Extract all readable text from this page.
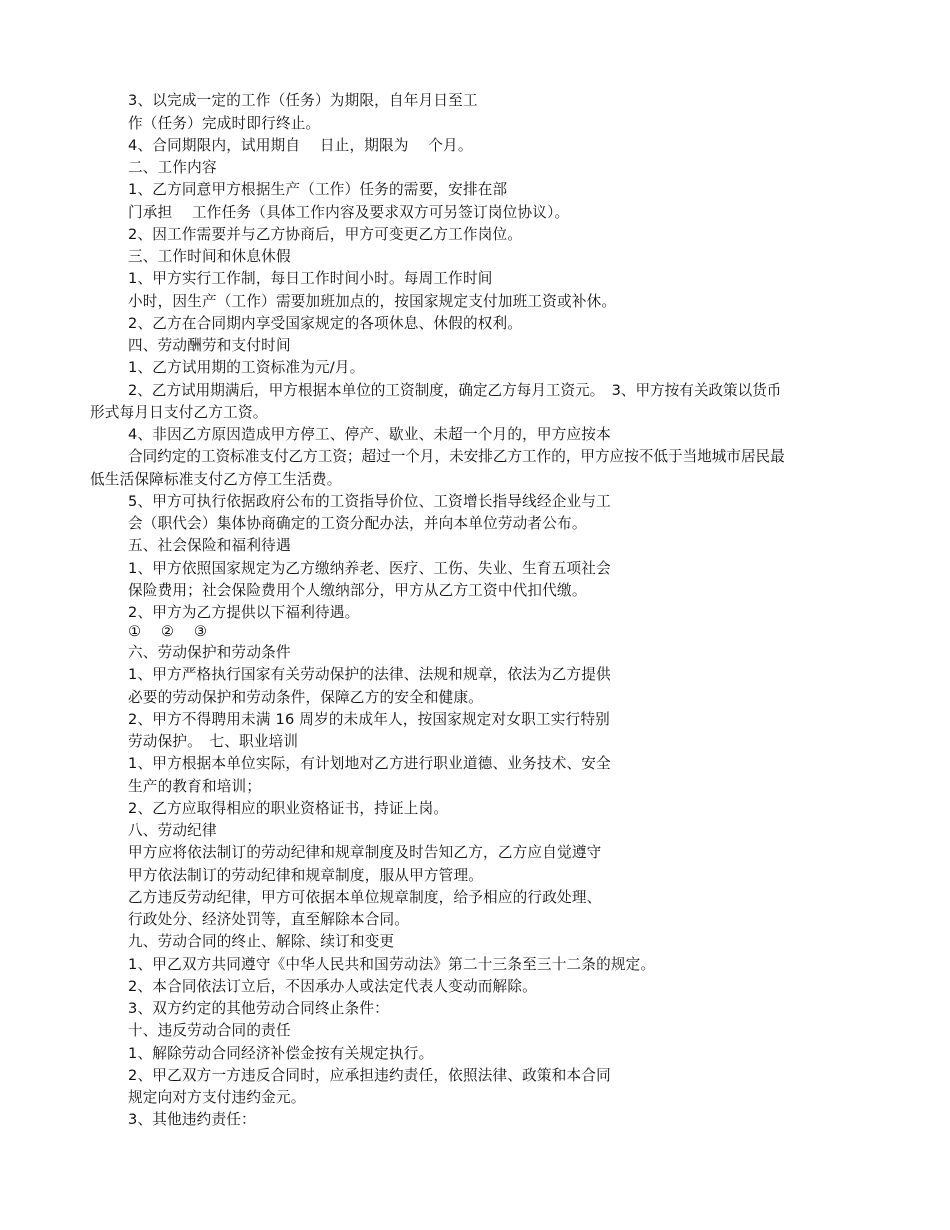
3、以完成一定的工作（任务）为期限，自年月日至工
作（任务）完成时即行终止。
4、合同期限内，试用期自　 日止，期限为　 个月。
二、工作内容
1、乙方同意甲方根据生产（工作）任务的需要，安排在部
门承担　 工作任务（具体工作内容及要求双方可另签订岗位协议）。
2、因工作需要并与乙方协商后，甲方可变更乙方工作岗位。
三、工作时间和休息休假
1、甲方实行工作制，每日工作时间小时。每周工作时间
小时，因生产（工作）需要加班加点的，按国家规定支付加班工资或补休。
2、乙方在合同期内享受国家规定的各项休息、休假的权利。
四、劳动酬劳和支付时间
1、乙方试用期的工资标准为元/月。
2、乙方试用期满后，甲方根据本单位的工资制度，确定乙方每月工资元。　3、甲方按有关政策以货币
形式每月日支付乙方工资。
4、非因乙方原因造成甲方停工、停产、歇业、未超一个月的，甲方应按本
合同约定的工资标准支付乙方工资；超过一个月，未安排乙方工作的，甲方应按不低于当地城市居民最
低生活保障标准支付乙方停工生活费。
5、甲方可执行依据政府公布的工资指导价位、工资增长指导线经企业与工
会（职代会）集体协商确定的工资分配办法，并向本单位劳动者公布。
五、社会保险和福利待遇
1、甲方依照国家规定为乙方缴纳养老、医疗、工伤、失业、生育五项社会
保险费用；社会保险费用个人缴纳部分，甲方从乙方工资中代扣代缴。
2、甲方为乙方提供以下福利待遇。
①　 ②　 ③
六、劳动保护和劳动条件
1、甲方严格执行国家有关劳动保护的法律、法规和规章，依法为乙方提供
必要的劳动保护和劳动条件，保障乙方的安全和健康。
2、甲方不得聘用未满 16 周岁的未成年人，按国家规定对女职工实行特别
劳动保护。　七、职业培训
1、甲方根据本单位实际，有计划地对乙方进行职业道德、业务技术、安全
生产的教育和培训；
2、乙方应取得相应的职业资格证书，持证上岗。
八、劳动纪律
甲方应将依法制订的劳动纪律和规章制度及时告知乙方，乙方应自觉遵守
甲方依法制订的劳动纪律和规章制度，服从甲方管理。
乙方违反劳动纪律，甲方可依据本单位规章制度，给予相应的行政处理、
行政处分、经济处罚等，直至解除本合同。
九、劳动合同的终止、解除、续订和变更
1、甲乙双方共同遵守《中华人民共和国劳动法》第二十三条至三十二条的规定。
2、本合同依法订立后，不因承办人或法定代表人变动而解除。
3、双方约定的其他劳动合同终止条件：
十、违反劳动合同的责任
1、解除劳动合同经济补偿金按有关规定执行。
2、甲乙双方一方违反合同时，应承担违约责任，依照法律、政策和本合同
规定向对方支付违约金元。
3、其他违约责任：
